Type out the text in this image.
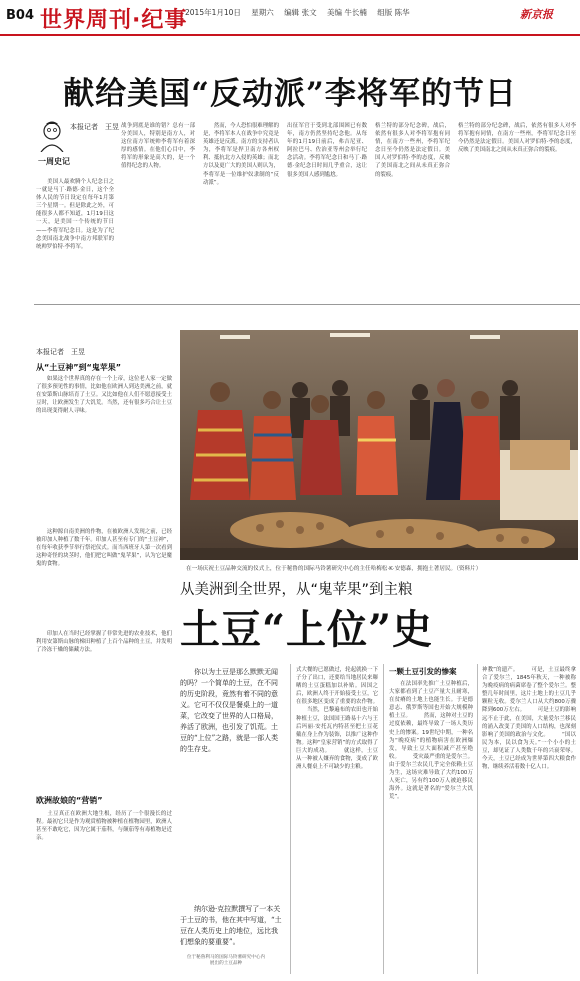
B04 世界周刊·纪事
2015年1月10日 星期六 编辑 张文 美编 牛长楠 组版 陈华	新京报
献给美国“反动派”李将军的节日
本报记者　王昱
一周史记
　　美国人最欢腾个人纪念日之一就是马丁·路德·金日，这个全体人民的节日设定在每年1月第三个星期一。但是除此之外，可能很多人都不知道，1月19日这一天，是美国一个传统的节日——李将军纪念日。这是为了纪念美国南北战争中南方邦联军的统帅罗伯特·李将军。
战争到底是谁的错？总有一部分美国人，特别是南方人，对这位南方军统帅李将军有着深厚的感情。在他们心目中，李将军的形象是高大的，是一个值得纪念的人物。
　　然而，今人恐怕很难理解的是，李将军本人在战争中究竟是英雄还是反派。南方的支持者认为，李将军是捍卫南方各州权利、抵抗北方入侵的英雄；而北方以及更广大的美国人则认为，李将军是一位维护奴隶制的“反动派”。
出征军官于受到北部围困已有数年，南方仍然坚持纪念他。从每年的1月19日前后，弗吉尼亚、阿拉巴马、佐治亚等州会举行纪念活动。李将军纪念日和马丁·路德·金纪念日时间几乎重合，这让很多美国人感到尴尬。
格兰特的部分纪念碑，战后，依然有很多人对李将军抱有同情，在南方一些州，李将军纪念日至今仍然是法定假日。美国人对罗伯特·李的态度，反映了美国南北之间从未真正弥合的裂痕。
格兰特的部分纪念碑，战后，依然有很多人对李将军抱有同情，在南方一些州，李将军纪念日至今仍然是法定假日。美国人对罗伯特·李的态度，反映了美国南北之间从未真正弥合的裂痕。
本报记者　王昱
从“土豆神”到“鬼苹果”
　　如果这个世界真的存在一个上帝，这位老人家一定做了很多预见性的事情，比如他在欧洲人到达美洲之前，就在安第斯山脉培育了土豆。又比如他在人们不愿意接受土豆时，让欧洲发生了大饥荒。当然，还有很多巧合让土豆的出现变得耐人寻味。
　　这种源自南美洲的作物，在被欧洲人发现之前，已经被印加人种植了数千年。印加人甚至有专门的“土豆神”，在每年收获季节举行祭祀仪式。而当西班牙人第一次看到这种奇怪的块茎时，他们把它叫做“鬼苹果”，认为它是魔鬼的食物。
　　印加人在当时已经掌握了非常先进的农业技术，他们利用安第斯山脉的梯田种植了上百个品种的土豆，并发明了冷冻干燥的储藏方法。
欧洲故娘的“营销”
　　土豆真正在欧洲大地生根，经历了一个很漫长的过程。最初它只是作为观赏植物被种植在植物园里，欧洲人甚至不敢吃它，因为它属于茄科，与颠茄等有毒植物是近亲。
在一场庆祝土豆品种交流的仪式上，位于秘鲁的国际马铃薯研究中心的主任哈梅松·K·安德森，拥抱土著居民。（资料片）
从美洲到全世界，从“鬼苹果”到主粮
土豆“上位”史
　　你以为土豆是那么默默无闻的吗？一个简单的土豆，在不同的历史阶段，竟然有着不同的意义。它可不仅仅是餐桌上的一道菜，它改变了世界的人口格局，养活了欧洲，也引发了饥荒。土豆的“上位”之路，就是一部人类的生存史。
　　纳尔逊·克拉默撰写了一本关于土豆的书，他在其中写道，“土豆在人类历史上的地位，远比我们想象的要重要”。
位于秘鲁利马的国际马铃薯研究中心内展出的土豆品种
式大餐的已愿做过，轮起就换一下子分了出口，还要给当地居民来曝晒的土豆蛋糕加以补贴。因国之后，欧洲人终于开始接受土豆，它在很多地区变成了重要的农作物。 　　当然，巴黎遍布的农田也开始种植土豆，法国国王路易十六与王后玛丽·安托瓦内特甚至把土豆花戴在身上作为装饰，以推广这种作物。这种“皇家营销”的方式取得了巨大的成功。 　　就这样，土豆从一种被人嫌弃的食物，变成了欧洲人餐桌上不可缺少的主粮。
一颗土豆引发的惨案
　　在法国率先推广土豆种植后，大家都看到了土豆产量大且耐寒，在贫瘠的土地上也能生长。于是德意志、俄罗斯等国也开始大规模种植土豆。 　　然而，这种对土豆的过度依赖，最终导致了一场人类历史上的惨案。19世纪中期，一种名为“晚疫病”的植物病害在欧洲爆发，导致土豆大面积减产甚至绝收。 　　受灾最严重的是爱尔兰。由于爱尔兰农民几乎完全依赖土豆为生，这场灾难导致了大约100万人死亡，另有约100万人被迫移民海外。这就是著名的“爱尔兰大饥荒”。
神教”的遗产。 　　可是，土豆最终拿合了爱尔兰，1845年秋天，一种被称为晚疫病的病菌席卷了整个爱尔兰。整整几年时间里，这片土地上的土豆几乎颗粒无收。爱尔兰人口从大约800万骤降到600万左右。 　　可是土豆的影响远不止于此，在美国，大量爱尔兰移民的涌入改变了美国的人口结构，也深刻影响了美国的政治与文化。 　　“国以民为本，民以食为天。”一个小小的土豆，却见证了人类数千年的兴衰荣辱。今天，土豆已经成为世界第四大粮食作物，继续养活着数十亿人口。
